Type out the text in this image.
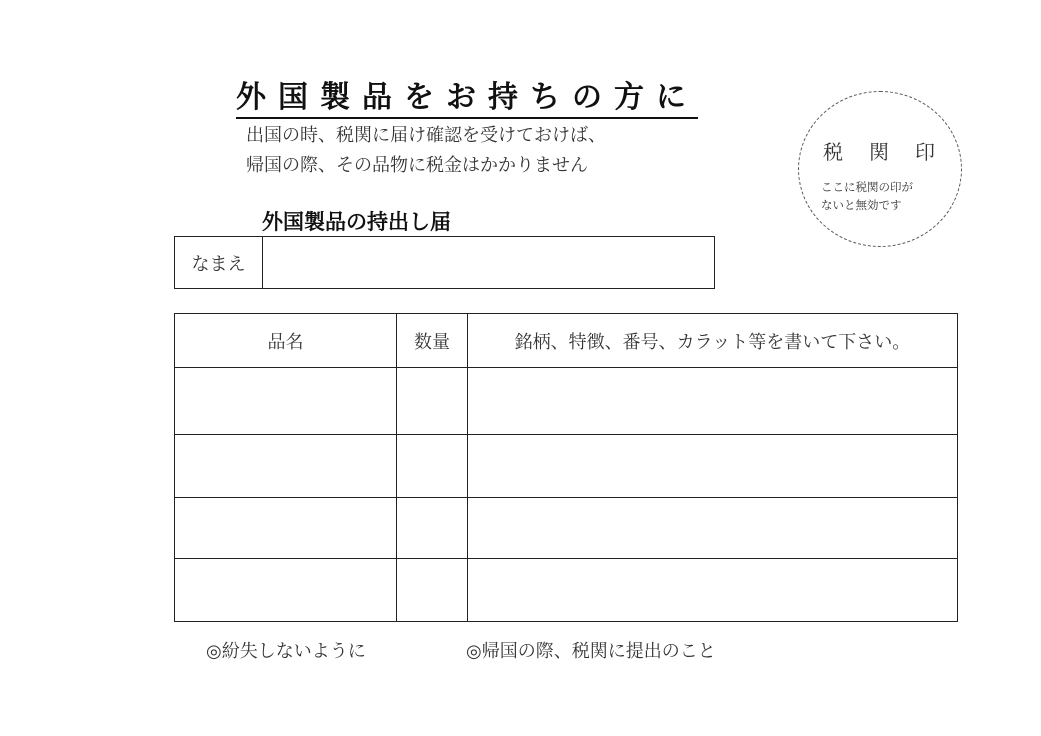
外国製品をお持ちの方に
出国の時、税関に届け確認を受けておけば、
帰国の際、その品物に税金はかかりません
税関印
ここに税関の印が
ないと無効です
外国製品の持出し届
なまえ
品名	数量	銘柄、特徴、番号、カラット等を書いて下さい。

◎紛失しないように	◎帰国の際、税関に提出のこと
